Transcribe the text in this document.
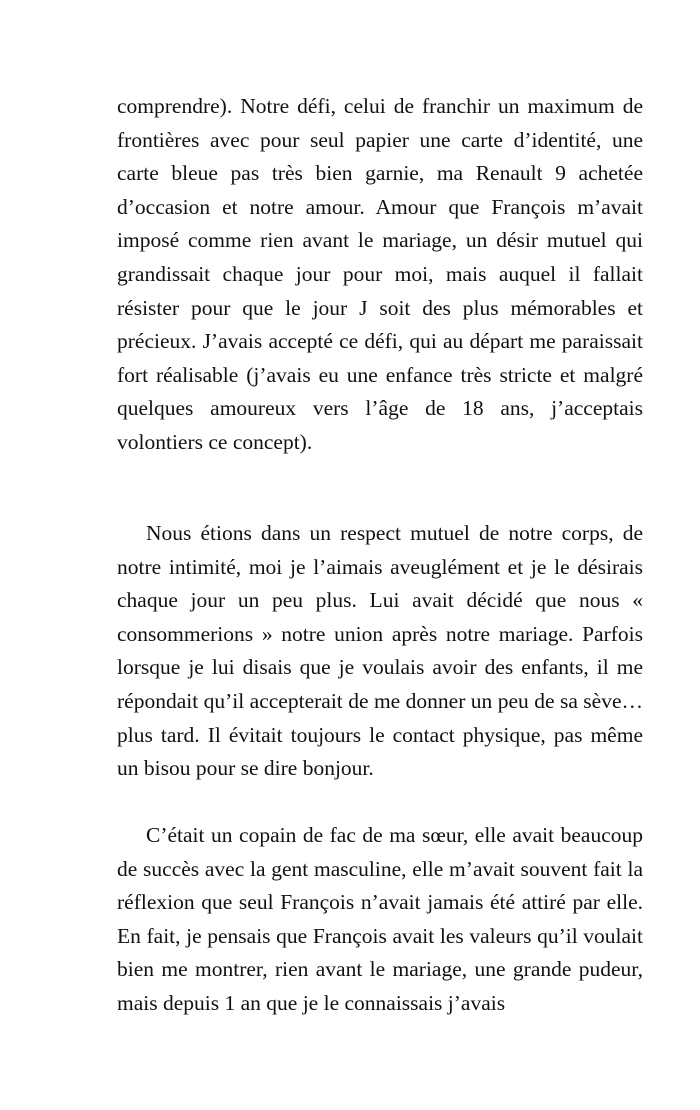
comprendre). Notre défi, celui de franchir un maximum de frontières avec pour seul papier une carte d’identité, une carte bleue pas très bien garnie, ma Renault 9 achetée d’occasion et notre amour. Amour que François m’avait imposé comme rien avant le mariage, un désir mutuel qui grandissait chaque jour pour moi, mais auquel il fallait résister pour que le jour J soit des plus mémorables et précieux. J’avais accepté ce défi, qui au départ me paraissait fort réalisable (j’avais eu une enfance très stricte et malgré quelques amoureux vers l’âge de 18 ans, j’acceptais volontiers ce concept).

Nous étions dans un respect mutuel de notre corps, de notre intimité, moi je l’aimais aveuglément et je le désirais chaque jour un peu plus. Lui avait décidé que nous « consommerions » notre union après notre mariage. Parfois lorsque je lui disais que je voulais avoir des enfants, il me répondait qu’il accepterait de me donner un peu de sa sève… plus tard. Il évitait toujours le contact physique, pas même un bisou pour se dire bonjour.

C’était un copain de fac de ma sœur, elle avait beaucoup de succès avec la gent masculine, elle m’avait souvent fait la réflexion que seul François n’avait jamais été attiré par elle. En fait, je pensais que François avait les valeurs qu’il voulait bien me montrer, rien avant le mariage, une grande pudeur, mais depuis 1 an que je le connaissais j’avais
